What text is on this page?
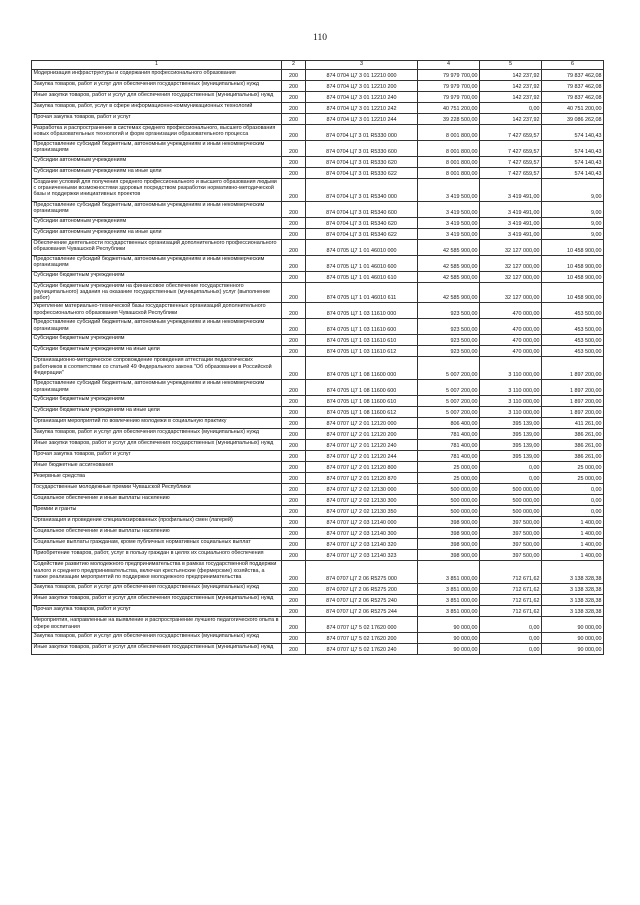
110
1	2	3	4	5	6
Модернизация инфраструктуры и содержания профессионального образования	200	874 0704 Ц7 3 01 12210 000	79 979 700,00	142 237,92	79 837 462,08
Закупка товаров, работ и услуг для обеспечения государственных (муниципальных) нужд	200	874 0704 Ц7 3 01 12210 200	79 979 700,00	142 237,92	79 837 462,08
Иные закупки товаров, работ и услуг для обеспечения государственных (муниципальных) нужд	200	874 0704 Ц7 3 01 12210 240	79 979 700,00	142 237,92	79 837 462,08
Закупка товаров, работ, услуг в сфере информационно-коммуникационных технологий	200	874 0704 Ц7 3 01 12210 242	40 751 200,00	0,00	40 751 200,00
Прочая закупка товаров, работ и услуг	200	874 0704 Ц7 3 01 12210 244	39 228 500,00	142 237,92	39 086 262,08
Разработка и распространение в системах среднего профессионального, высшего образования новых образовательных технологий и форм организации образовательного процесса	200	874 0704 Ц7 3 01 R5330 000	8 001 800,00	7 427 659,57	574 140,43
Предоставление субсидий бюджетным, автономным учреждениям и иным некоммерческим организациям	200	874 0704 Ц7 3 01 R5330 600	8 001 800,00	7 427 659,57	574 140,43
Субсидии автономным учреждениям	200	874 0704 Ц7 3 01 R5330 620	8 001 800,00	7 427 659,57	574 140,43
Субсидии автономным учреждениям на иные цели	200	874 0704 Ц7 3 01 R5330 622	8 001 800,00	7 427 659,57	574 140,43
Создание условий для получения среднего профессионального и высшего образования людьми с ограниченными возможностями здоровья посредством разработки нормативно-методической базы и поддержки инициативных проектов	200	874 0704 Ц7 3 01 R5340 000	3 419 500,00	3 419 491,00	9,00
Предоставление субсидий бюджетным, автономным учреждениям и иным некоммерческим организациям	200	874 0704 Ц7 3 01 R5340 600	3 419 500,00	3 419 491,00	9,00
Субсидии автономным учреждениям	200	874 0704 Ц7 3 01 R5340 620	3 419 500,00	3 419 491,00	9,00
Субсидии автономным учреждениям на иные цели	200	874 0704 Ц7 3 01 R5340 622	3 419 500,00	3 419 491,00	9,00
Обеспечение деятельности государственных организаций дополнительного профессионального образования Чувашской Республики	200	874 0705 Ц7 1 01 46010 000	42 585 900,00	32 127 000,00	10 458 900,00
Предоставление субсидий бюджетным, автономным учреждениям и иным некоммерческим организациям	200	874 0705 Ц7 1 01 46010 600	42 585 900,00	32 127 000,00	10 458 900,00
Субсидии бюджетным учреждениям	200	874 0705 Ц7 1 01 46010 610	42 585 900,00	32 127 000,00	10 458 900,00
Субсидии бюджетным учреждениям на финансовое обеспечение государственного (муниципального) задания на оказание государственных (муниципальных) услуг (выполнение работ)	200	874 0705 Ц7 1 01 46010 611	42 585 900,00	32 127 000,00	10 458 900,00
Укрепление материально-технической базы государственных организаций дополнительного профессионального образования Чувашской Республики	200	874 0705 Ц7 1 03 11610 000	923 500,00	470 000,00	453 500,00
Предоставление субсидий бюджетным, автономным учреждениям и иным некоммерческим организациям	200	874 0705 Ц7 1 03 11610 600	923 500,00	470 000,00	453 500,00
Субсидии бюджетным учреждениям	200	874 0705 Ц7 1 03 11610 610	923 500,00	470 000,00	453 500,00
Субсидии бюджетным учреждениям на иные цели	200	874 0705 Ц7 1 03 11610 612	923 500,00	470 000,00	453 500,00
Организационно-методическое сопровождение проведения аттестации педагогических работников в соответствии со статьей 49 Федерального закона "Об образовании в Российской Федерации"	200	874 0705 Ц7 1 08 11600 000	5 007 200,00	3 110 000,00	1 897 200,00
Предоставление субсидий бюджетным, автономным учреждениям и иным некоммерческим организациям	200	874 0705 Ц7 1 08 11600 600	5 007 200,00	3 110 000,00	1 897 200,00
Субсидии бюджетным учреждениям	200	874 0705 Ц7 1 08 11600 610	5 007 200,00	3 110 000,00	1 897 200,00
Субсидии бюджетным учреждениям на иные цели	200	874 0705 Ц7 1 08 11600 612	5 007 200,00	3 110 000,00	1 897 200,00
Организация мероприятий по вовлечению молодежи в социальную практику	200	874 0707 Ц7 2 01 12120 000	806 400,00	395 139,00	411 261,00
Закупка товаров, работ и услуг для обеспечения государственных (муниципальных) нужд	200	874 0707 Ц7 2 01 12120 200	781 400,00	395 139,00	386 261,00
Иные закупки товаров, работ и услуг для обеспечения государственных (муниципальных) нужд	200	874 0707 Ц7 2 01 12120 240	781 400,00	395 139,00	386 261,00
Прочая закупка товаров, работ и услуг	200	874 0707 Ц7 2 01 12120 244	781 400,00	395 139,00	386 261,00
Иные бюджетные ассигнования	200	874 0707 Ц7 2 01 12120 800	25 000,00	0,00	25 000,00
Резервные средства	200	874 0707 Ц7 2 01 12120 870	25 000,00	0,00	25 000,00
Государственные молодежные премии Чувашской Республики	200	874 0707 Ц7 2 02 12130 000	500 000,00	500 000,00	0,00
Социальное обеспечение и иные выплаты населению	200	874 0707 Ц7 2 02 12130 300	500 000,00	500 000,00	0,00
Премии и гранты	200	874 0707 Ц7 2 02 12130 350	500 000,00	500 000,00	0,00
Организация и проведение специализированных (профильных) смен (лагерей)	200	874 0707 Ц7 2 03 12140 000	398 900,00	397 500,00	1 400,00
Социальное обеспечение и иные выплаты населению	200	874 0707 Ц7 2 03 12140 300	398 900,00	397 500,00	1 400,00
Социальные выплаты гражданам, кроме публичных нормативных социальных выплат	200	874 0707 Ц7 2 03 12140 320	398 900,00	397 500,00	1 400,00
Приобретение товаров, работ, услуг в пользу граждан в целях их социального обеспечения	200	874 0707 Ц7 2 03 12140 323	398 900,00	397 500,00	1 400,00
Содействие развитию молодежного предпринимательства в рамках государственной поддержки малого и среднего предпринимательства, включая крестьянские (фермерские) хозяйства, а также реализации мероприятий по поддержке молодежного предпринимательства	200	874 0707 Ц7 2 06 R5275 000	3 851 000,00	712 671,62	3 138 328,38
Закупка товаров, работ и услуг для обеспечения государственных (муниципальных) нужд	200	874 0707 Ц7 2 06 R5275 200	3 851 000,00	712 671,62	3 138 328,38
Иные закупки товаров, работ и услуг для обеспечения государственных (муниципальных) нужд	200	874 0707 Ц7 2 06 R5275 240	3 851 000,00	712 671,62	3 138 328,38
Прочая закупка товаров, работ и услуг	200	874 0707 Ц7 2 06 R5275 244	3 851 000,00	712 671,62	3 138 328,38
Мероприятия, направленные на выявление и распространение лучшего педагогического опыта в сфере воспитания	200	874 0707 Ц7 5 02 17620 000	90 000,00	0,00	90 000,00
Закупка товаров, работ и услуг для обеспечения государственных (муниципальных) нужд	200	874 0707 Ц7 5 02 17620 200	90 000,00	0,00	90 000,00
Иные закупки товаров, работ и услуг для обеспечения государственных (муниципальных) нужд	200	874 0707 Ц7 5 02 17620 240	90 000,00	0,00	90 000,00
